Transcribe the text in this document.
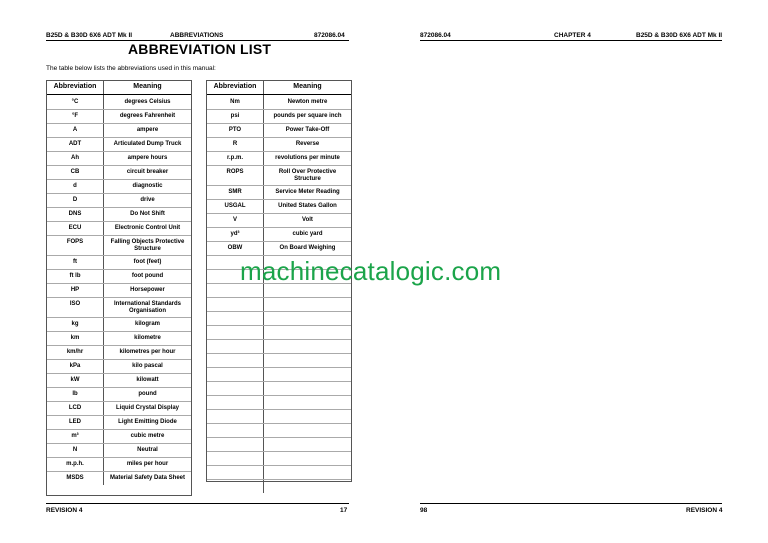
B25D & B30D 6X6 ADT Mk II	ABBREVIATIONS	872086.04
ABBREVIATION LIST
The table below lists the abbreviations used in this manual:
Abbreviation	Meaning
°C	degrees Celsius
°F	degrees Fahrenheit
A	ampere
ADT	Articulated Dump Truck
Ah	ampere hours
CB	circuit breaker
d	diagnostic
D	drive
DNS	Do Not Shift
ECU	Electronic Control Unit
FOPS	Falling Objects Protective Structure
ft	foot (feet)
ft lb	foot pound
HP	Horsepower
ISO	International Standards Organisation
kg	kilogram
km	kilometre
km/hr	kilometres per hour
kPa	kilo pascal
kW	kilowatt
lb	pound
LCD	Liquid Crystal Display
LED	Light Emitting Diode
m³	cubic metre
N	Neutral
m.p.h.	miles per hour
MSDS	Material Safety Data Sheet
REVISION 4	17
Abbreviation	Meaning
Nm	Newton metre
psi	pounds per square inch
PTO	Power Take-Off
R	Reverse
r.p.m.	revolutions per minute
ROPS	Roll Over Protective Structure
SMR	Service Meter Reading
USGAL	United States Gallon
V	Volt
yd³	cubic yard
OBW	On Board Weighing
872086.04	CHAPTER 4	B25D & B30D 6X6 ADT Mk II
98	REVISION 4
machinecatalogic.com
